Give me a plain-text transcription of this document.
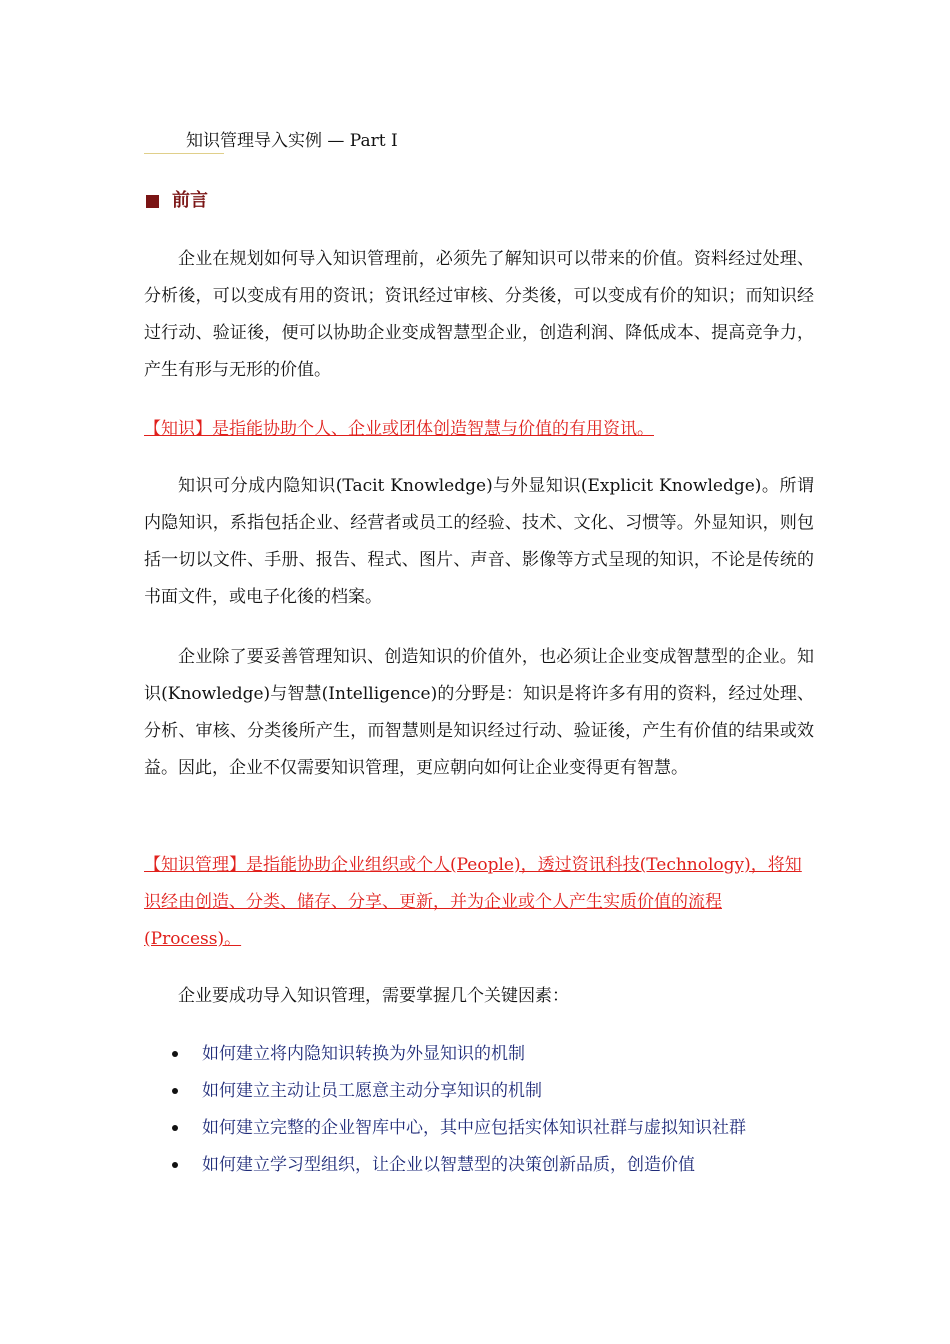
知识管理导入实例 — Part I
前言

企业在规划如何导入知识管理前，必须先了解知识可以带来的价值。资料经过处理、分析後，可以变成有用的资讯；资讯经过审核、分类後，可以变成有价的知识；而知识经过行动、验证後，便可以协助企业变成智慧型企业，创造利润、降低成本、提高竞争力，产生有形与无形的价值。

【知识】是指能协助个人、企业或团体创造智慧与价值的有用资讯。

知识可分成内隐知识(Tacit Knowledge)与外显知识(Explicit Knowledge)。所谓内隐知识，系指包括企业、经营者或员工的经验、技术、文化、习惯等。外显知识，则包括一切以文件、手册、报告、程式、图片、声音、影像等方式呈现的知识，不论是传统的书面文件，或电子化後的档案。

企业除了要妥善管理知识、创造知识的价值外，也必须让企业变成智慧型的企业。知识(Knowledge)与智慧(Intelligence)的分野是：知识是将许多有用的资料，经过处理、分析、审核、分类後所产生，而智慧则是知识经过行动、验证後，产生有价值的结果或效益。因此，企业不仅需要知识管理，更应朝向如何让企业变得更有智慧。

【知识管理】是指能协助企业组织或个人(People)，透过资讯科技(Technology)，将知识经由创造、分类、储存、分享、更新，并为企业或个人产生实质价值的流程(Process)。

企业要成功导入知识管理，需要掌握几个关键因素：

如何建立将内隐知识转换为外显知识的机制
如何建立主动让员工愿意主动分享知识的机制
如何建立完整的企业智库中心，其中应包括实体知识社群与虚拟知识社群
如何建立学习型组织，让企业以智慧型的决策创新品质，创造价值
